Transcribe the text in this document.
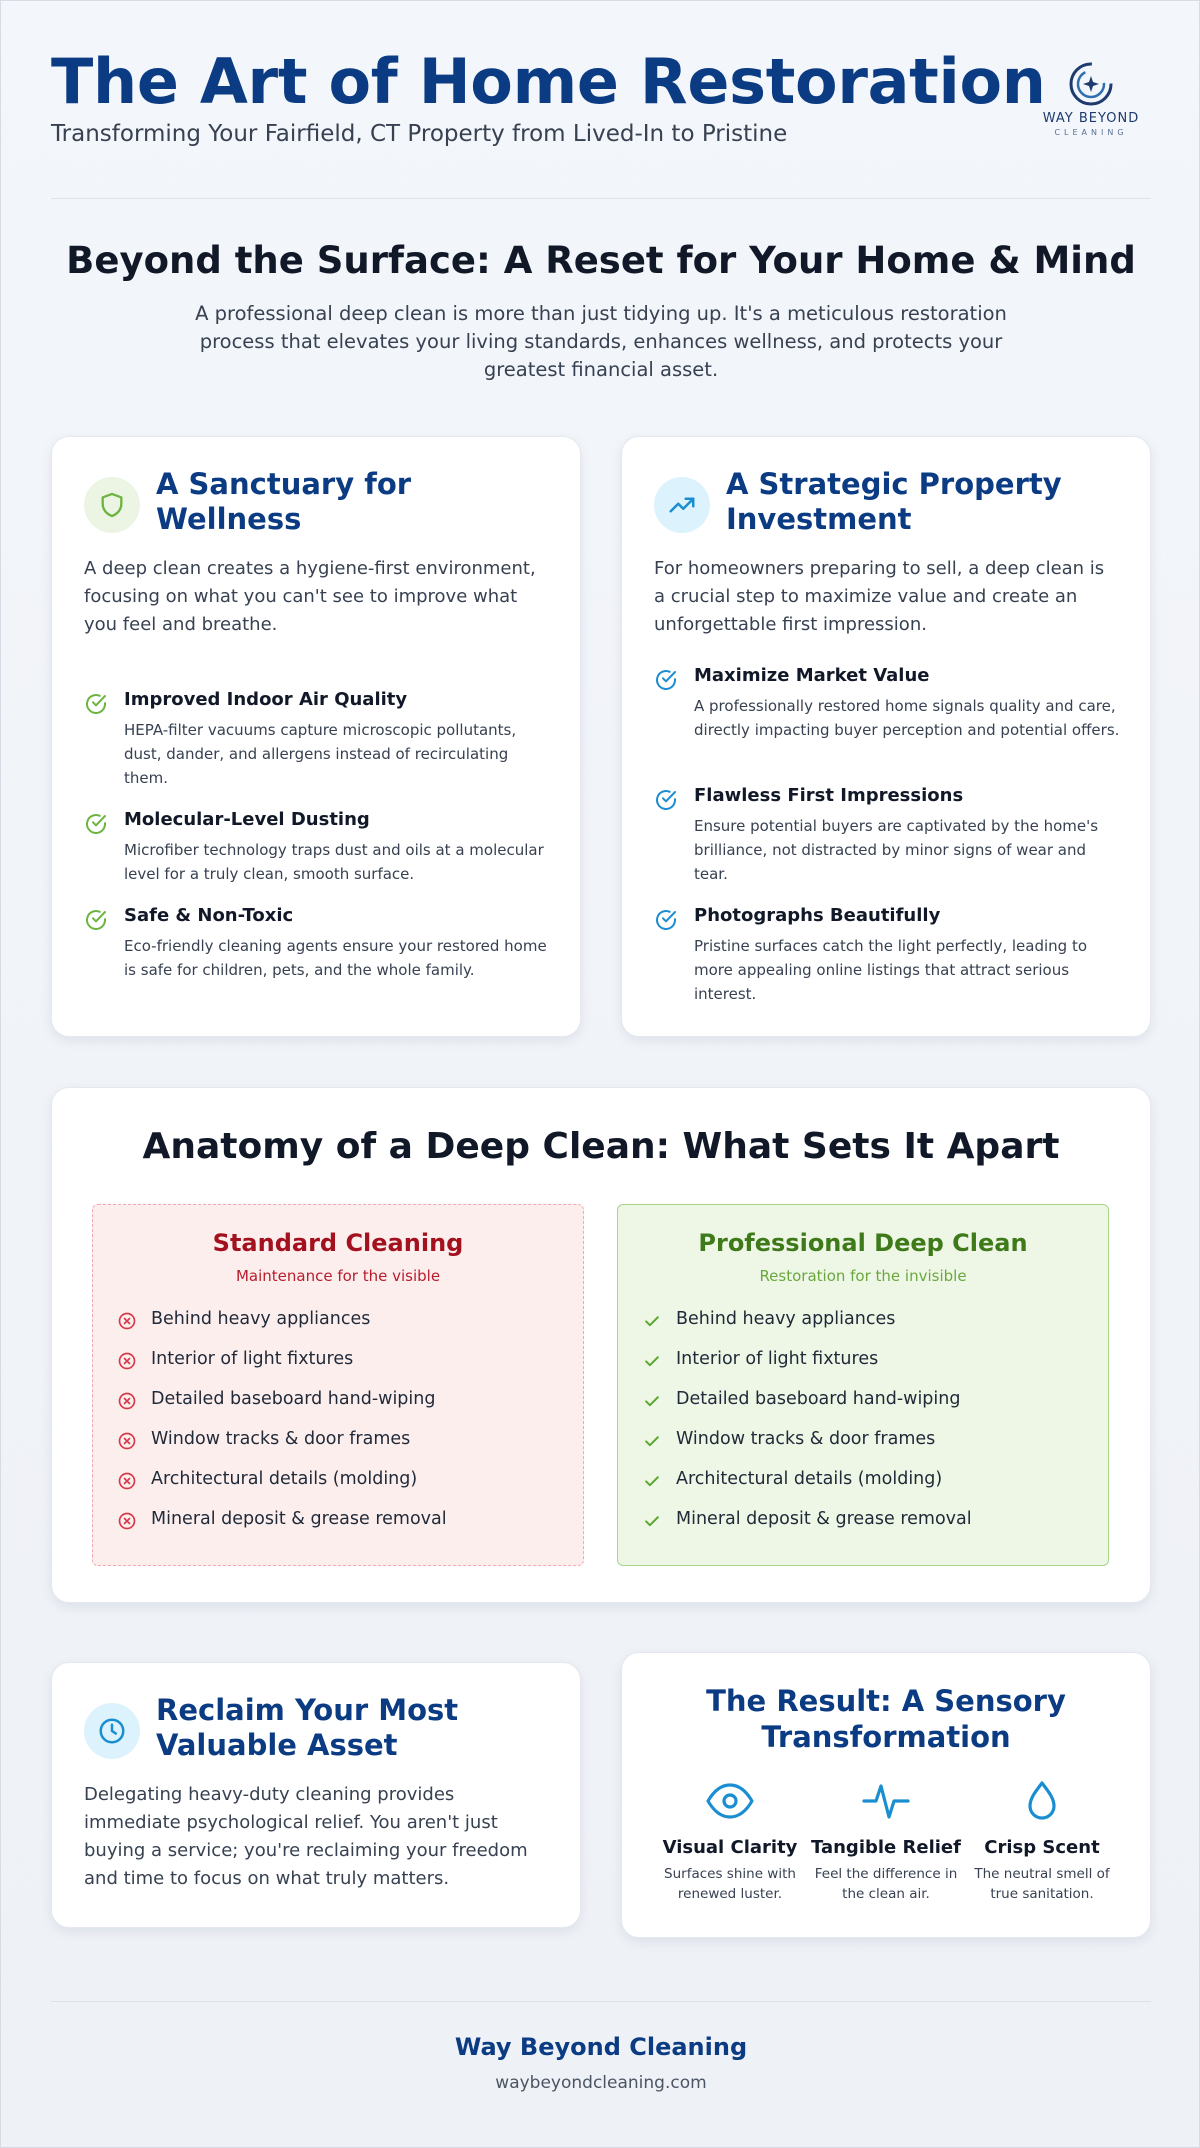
The Art of Home Restoration
Transforming Your Fairfield, CT Property from Lived-In to Pristine
WAY BEYOND
CLEANING
Beyond the Surface: A Reset for Your Home & Mind

A professional deep clean is more than just tidying up. It's a meticulous restoration process that elevates your living standards, enhances wellness, and protects your greatest financial asset.

A Sanctuary for Wellness
A deep clean creates a hygiene-first environment, focusing on what you can't see to improve what you feel and breathe.
Improved Indoor Air Quality

HEPA-filter vacuums capture microscopic pollutants, dust, dander, and allergens instead of recirculating them.

Molecular-Level Dusting

Microfiber technology traps dust and oils at a molecular level for a truly clean, smooth surface.

Safe & Non-Toxic

Eco-friendly cleaning agents ensure your restored home is safe for children, pets, and the whole family.

A Strategic Property Investment
For homeowners preparing to sell, a deep clean is a crucial step to maximize value and create an unforgettable first impression.
Maximize Market Value

A professionally restored home signals quality and care, directly impacting buyer perception and potential offers.

Flawless First Impressions

Ensure potential buyers are captivated by the home's brilliance, not distracted by minor signs of wear and tear.

Photographs Beautifully

Pristine surfaces catch the light perfectly, leading to more appealing online listings that attract serious interest.

Anatomy of a Deep Clean: What Sets It Apart
Standard Cleaning
Maintenance for the visible
Behind heavy appliances
Interior of light fixtures
Detailed baseboard hand-wiping
Window tracks & door frames
Architectural details (molding)
Mineral deposit & grease removal
Professional Deep Clean
Restoration for the invisible
Behind heavy appliances
Interior of light fixtures
Detailed baseboard hand-wiping
Window tracks & door frames
Architectural details (molding)
Mineral deposit & grease removal
Reclaim Your Most Valuable Asset
Delegating heavy-duty cleaning provides immediate psychological relief. You aren't just buying a service; you're reclaiming your freedom and time to focus on what truly matters.
The Result: A Sensory Transformation
Visual Clarity

Surfaces shine with renewed luster.

Tangible Relief

Feel the difference in the clean air.

Crisp Scent

The neutral smell of true sanitation.

Way Beyond Cleaning
waybeyondcleaning.com
